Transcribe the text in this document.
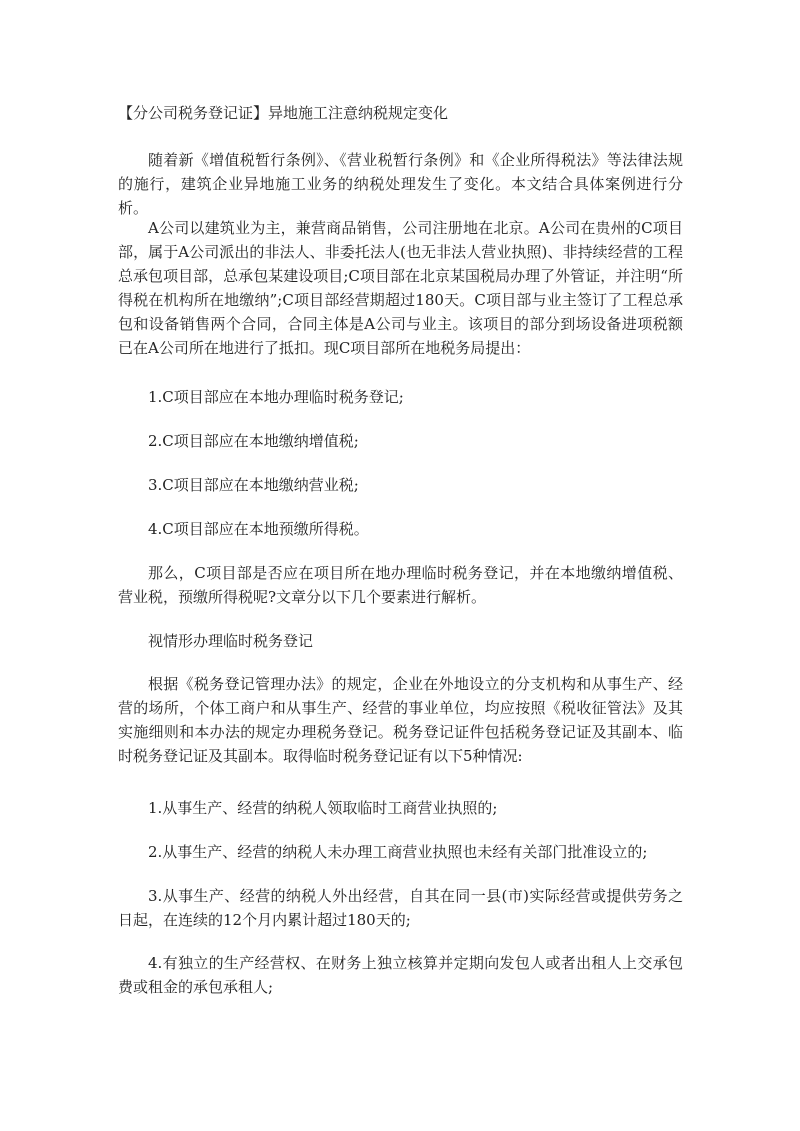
【分公司税务登记证】异地施工注意纳税规定变化

随着新《增值税暂行条例》、《营业税暂行条例》和《企业所得税法》等法律法规的施行，建筑企业异地施工业务的纳税处理发生了变化。本文结合具体案例进行分析。

A公司以建筑业为主，兼营商品销售，公司注册地在北京。A公司在贵州的C项目部，属于A公司派出的非法人、非委托法人(也无非法人营业执照)、非持续经营的工程总承包项目部，总承包某建设项目;C项目部在北京某国税局办理了外管证，并注明“所得税在机构所在地缴纳”;C项目部经营期超过180天。C项目部与业主签订了工程总承包和设备销售两个合同，合同主体是A公司与业主。该项目的部分到场设备进项税额已在A公司所在地进行了抵扣。现C项目部所在地税务局提出：

1.C项目部应在本地办理临时税务登记;

2.C项目部应在本地缴纳增值税;

3.C项目部应在本地缴纳营业税;

4.C项目部应在本地预缴所得税。

那么，C项目部是否应在项目所在地办理临时税务登记，并在本地缴纳增值税、营业税，预缴所得税呢?文章分以下几个要素进行解析。

视情形办理临时税务登记

根据《税务登记管理办法》的规定，企业在外地设立的分支机构和从事生产、经营的场所，个体工商户和从事生产、经营的事业单位，均应按照《税收征管法》及其实施细则和本办法的规定办理税务登记。税务登记证件包括税务登记证及其副本、临时税务登记证及其副本。取得临时税务登记证有以下5种情况:

1.从事生产、经营的纳税人领取临时工商营业执照的;

2.从事生产、经营的纳税人未办理工商营业执照也未经有关部门批准设立的;

3.从事生产、经营的纳税人外出经营，自其在同一县(市)实际经营或提供劳务之日起，在连续的12个月内累计超过180天的;

4.有独立的生产经营权、在财务上独立核算并定期向发包人或者出租人上交承包费或租金的承包承租人;
